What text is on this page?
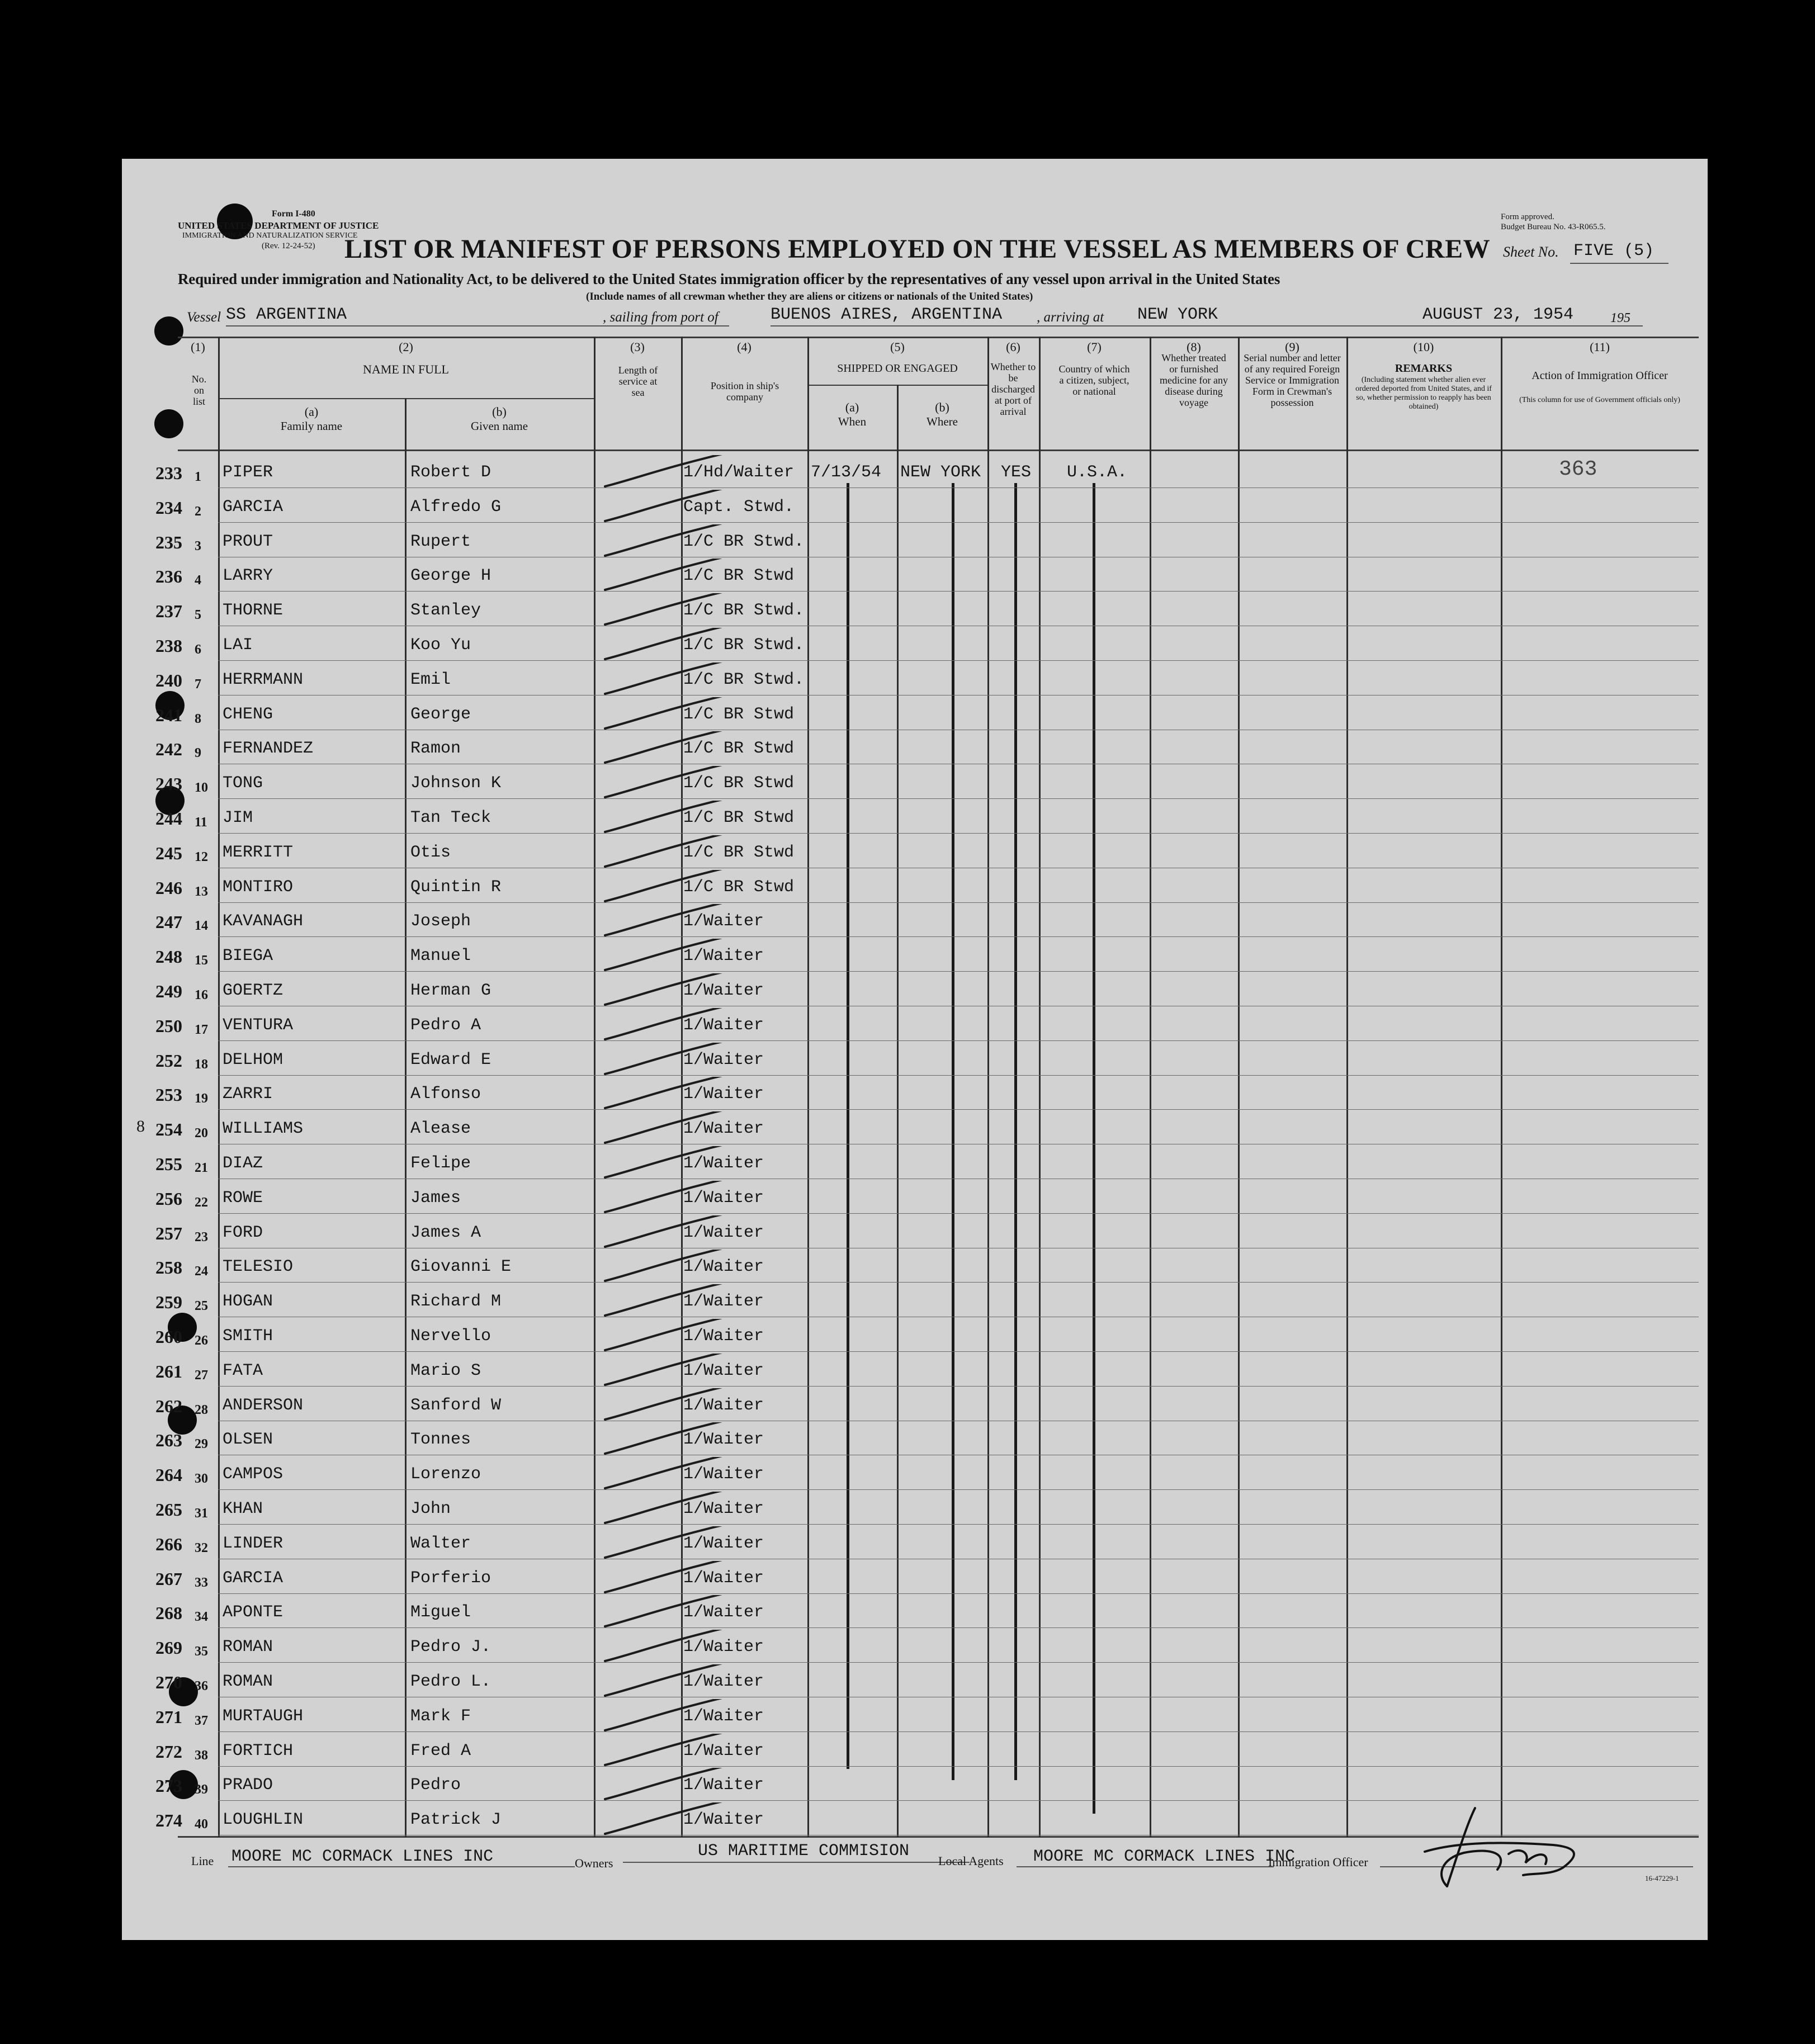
Form I-480
UNITED STATES DEPARTMENT OF JUSTICE
IMMIGRATION AND NATURALIZATION SERVICE
(Rev. 12-24-52)
Form approved.
Budget Bureau No. 43-R065.5.
LIST OR MANIFEST OF PERSONS EMPLOYED ON THE VESSEL AS MEMBERS OF CREW Sheet No. FIVE (5)
Required under immigration and Nationality Act, to be delivered to the United States immigration officer by the representatives of any vessel upon arrival in the United States
(Include names of all crewman whether they are aliens or citizens or nationals of the United States)
Vessel SS ARGENTINA	, sailing from port of	BUENOS AIRES, ARGENTINA , arriving at NEW YORK	AUGUST 23, 1954	195
(1)
No. on list
(2)
NAME IN FULL
(a)
Family name
(b)
Given name
(3)
Length of service at sea
(4)
Position in ship's company
(5)
SHIPPED OR ENGAGED
(a)
When
(b)
Where
(6)
Whether to be discharged at port of arrival
(7)
Country of which a citizen, subject, or national
(8)
Whether treated or furnished medicine for any disease during voyage
(9)
Serial number and letter of any required Foreign Service or Immigration Form in Crewman's possession
(10)
REMARKS
(Including statement whether alien ever ordered deported from United States, and if so, whether permission to reapply has been obtained)
(11)
Action of Immigration Officer
(This column for use of Government officials only)
8
233 1 PIPER	Robert D	1/Hd/Waiter 7/13/54 NEW YORK YES U.S.A.	363
234 2 GARCIA	Alfredo G	Capt. Stwd.
235 3 PROUT	Rupert	1/C BR Stwd.
236 4 LARRY	George H	1/C BR Stwd
237 5 THORNE	Stanley	1/C BR Stwd.
238 6 LAI	Koo Yu	1/C BR Stwd.
240 7 HERRMANN	Emil	1/C BR Stwd.
241 8 CHENG	George	1/C BR Stwd
242 9 FERNANDEZ	Ramon	1/C BR Stwd
243 10 TONG	Johnson K	1/C BR Stwd
244 11 JIM	Tan Teck	1/C BR Stwd
245 12 MERRITT	Otis	1/C BR Stwd
246 13 MONTIRO	Quintin R	1/C BR Stwd
247 14 KAVANAGH	Joseph	1/Waiter
248 15 BIEGA	Manuel	1/Waiter
249 16 GOERTZ	Herman G	1/Waiter
250 17 VENTURA	Pedro A	1/Waiter
252 18 DELHOM	Edward E	1/Waiter
253 19 ZARRI	Alfonso	1/Waiter
254 20 WILLIAMS	Alease	1/Waiter
255 21 DIAZ	Felipe	1/Waiter
256 22 ROWE	James	1/Waiter
257 23 FORD	James A	1/Waiter
258 24 TELESIO	Giovanni E	1/Waiter
259 25 HOGAN	Richard M	1/Waiter
260 26 SMITH	Nervello	1/Waiter
261 27 FATA	Mario S	1/Waiter
262 28 ANDERSON	Sanford W	1/Waiter
263 29 OLSEN	Tonnes	1/Waiter
264 30 CAMPOS	Lorenzo	1/Waiter
265 31 KHAN	John	1/Waiter
266 32 LINDER	Walter	1/Waiter
267 33 GARCIA	Porferio	1/Waiter
268 34 APONTE	Miguel	1/Waiter
269 35 ROMAN	Pedro J.	1/Waiter
270 36 ROMAN	Pedro L.	1/Waiter
271 37 MURTAUGH	Mark F	1/Waiter
272 38 FORTICH	Fred A	1/Waiter
273 39 PRADO	Pedro	1/Waiter
274 40 LOUGHLIN	Patrick J	1/Waiter
Line MOORE MC CORMACK LINES INC	Owners
US MARITIME COMMISION
Local Agents MOORE MC CORMACK LINES INC
Immigration Officer
16-47229-1
